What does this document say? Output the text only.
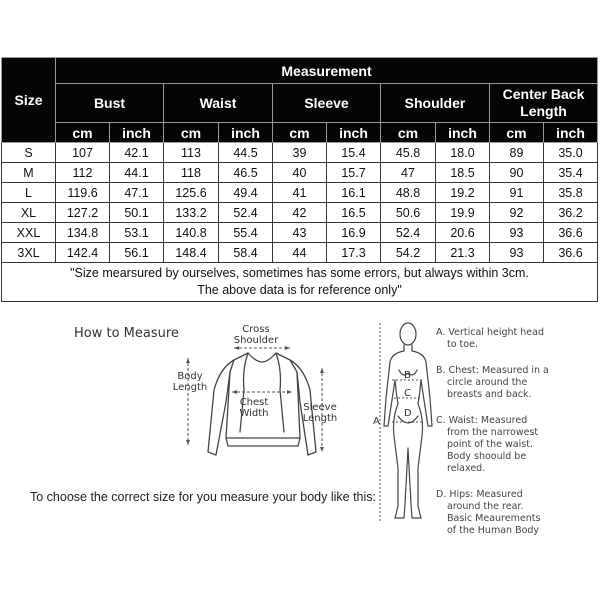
Size	Measurement									
	Bust		Waist		Sleeve		Shoulder		Center Back Length	
	cm	inch	cm	inch	cm	inch	cm	inch	cm	inch
S	107	42.1	113	44.5	39	15.4	45.8	18.0	89	35.0
M	112	44.1	118	46.5	40	15.7	47	18.5	90	35.4
L	119.6	47.1	125.6	49.4	41	16.1	48.8	19.2	91	35.8
XL	127.2	50.1	133.2	52.4	42	16.5	50.6	19.9	92	36.2
XXL	134.8	53.1	140.8	55.4	43	16.9	52.4	20.6	93	36.6
3XL	142.4	56.1	148.4	58.4	44	17.3	54.2	21.3	93	36.6

"Size mearsured by ourselves, sometimes has some errors, but always within 3cm.
The above data is for reference only"										
How to Measure	Cross
Shoulder
Body
Length
Chest
Width
Sleeve
Length
To choose the correct size for you measure your body like this:
A
B
C
D
A. Vertical height head
to toe.
B. Chest: Measured in a
circle around the
breasts and back.
C. Waist: Measured
from the narrowest
point of the waist.
Body shoould be
relaxed.
D. Hips: Measured
around the rear.
Basic Meaurements
of the Human Body
